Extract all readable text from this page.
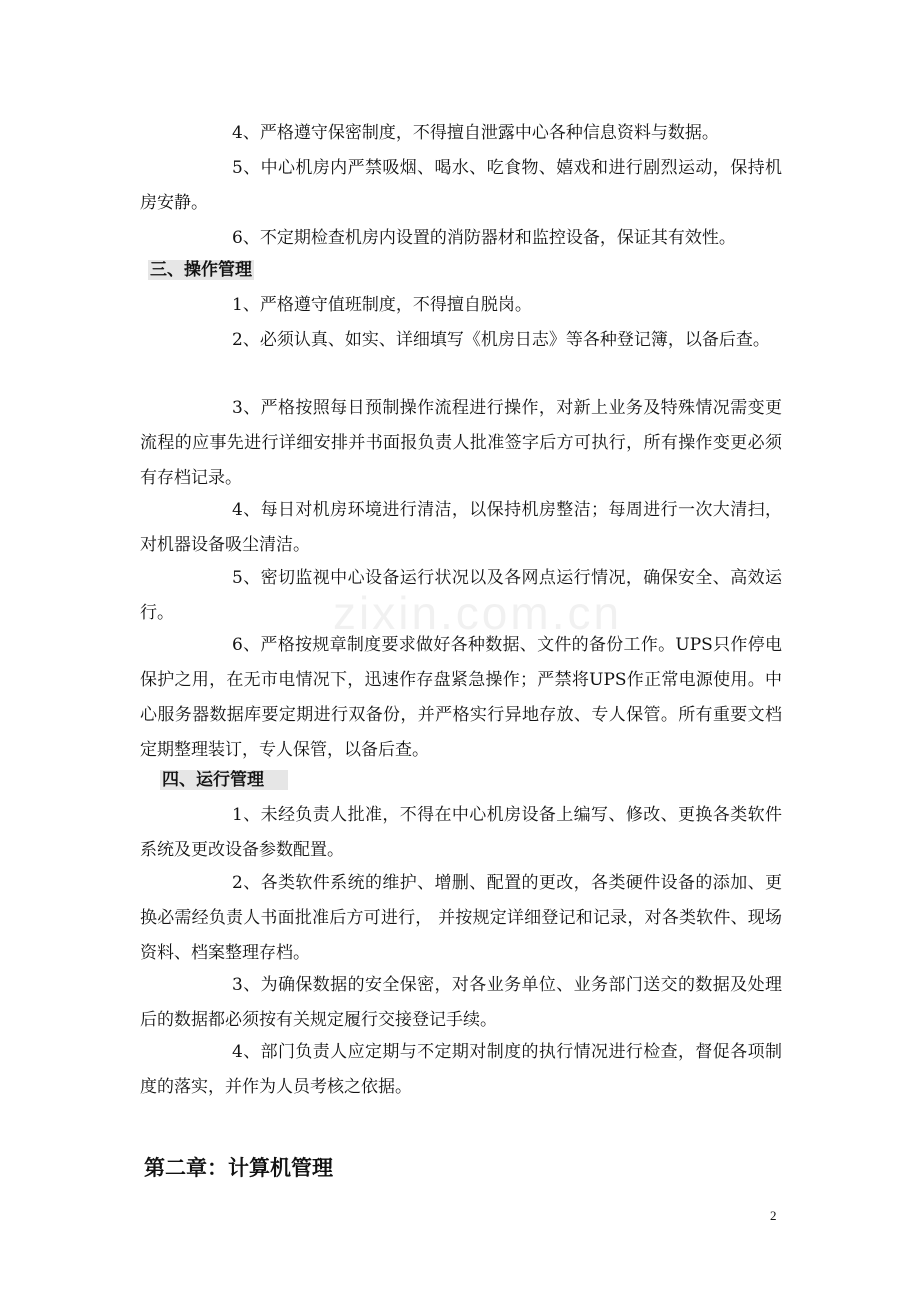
zixin.com.cn

4、严格遵守保密制度，不得擅自泄露中心各种信息资料与数据。

5、中心机房内严禁吸烟、喝水、吃食物、嬉戏和进行剧烈运动，保持机房安静。

6、不定期检查机房内设置的消防器材和监控设备，保证其有效性。

三、操作管理

1、严格遵守值班制度，不得擅自脱岗。

2、必须认真、如实、详细填写《机房日志》等各种登记簿，以备后查。

3、严格按照每日预制操作流程进行操作，对新上业务及特殊情况需变更流程的应事先进行详细安排并书面报负责人批准签字后方可执行，所有操作变更必须有存档记录。

4、每日对机房环境进行清洁，以保持机房整洁；每周进行一次大清扫，对机器设备吸尘清洁。

5、密切监视中心设备运行状况以及各网点运行情况，确保安全、高效运行。

6、严格按规章制度要求做好各种数据、文件的备份工作。UPS只作停电保护之用，在无市电情况下，迅速作存盘紧急操作；严禁将UPS作正常电源使用。中心服务器数据库要定期进行双备份，并严格实行异地存放、专人保管。所有重要文档定期整理装订，专人保管，以备后查。

四、运行管理

1、未经负责人批准，不得在中心机房设备上编写、修改、更换各类软件系统及更改设备参数配置。

2、各类软件系统的维护、增删、配置的更改，各类硬件设备的添加、更换必需经负责人书面批准后方可进行， 并按规定详细登记和记录，对各类软件、现场资料、档案整理存档。

3、为确保数据的安全保密，对各业务单位、业务部门送交的数据及处理后的数据都必须按有关规定履行交接登记手续。

4、部门负责人应定期与不定期对制度的执行情况进行检查，督促各项制度的落实，并作为人员考核之依据。

第二章：计算机管理
2
